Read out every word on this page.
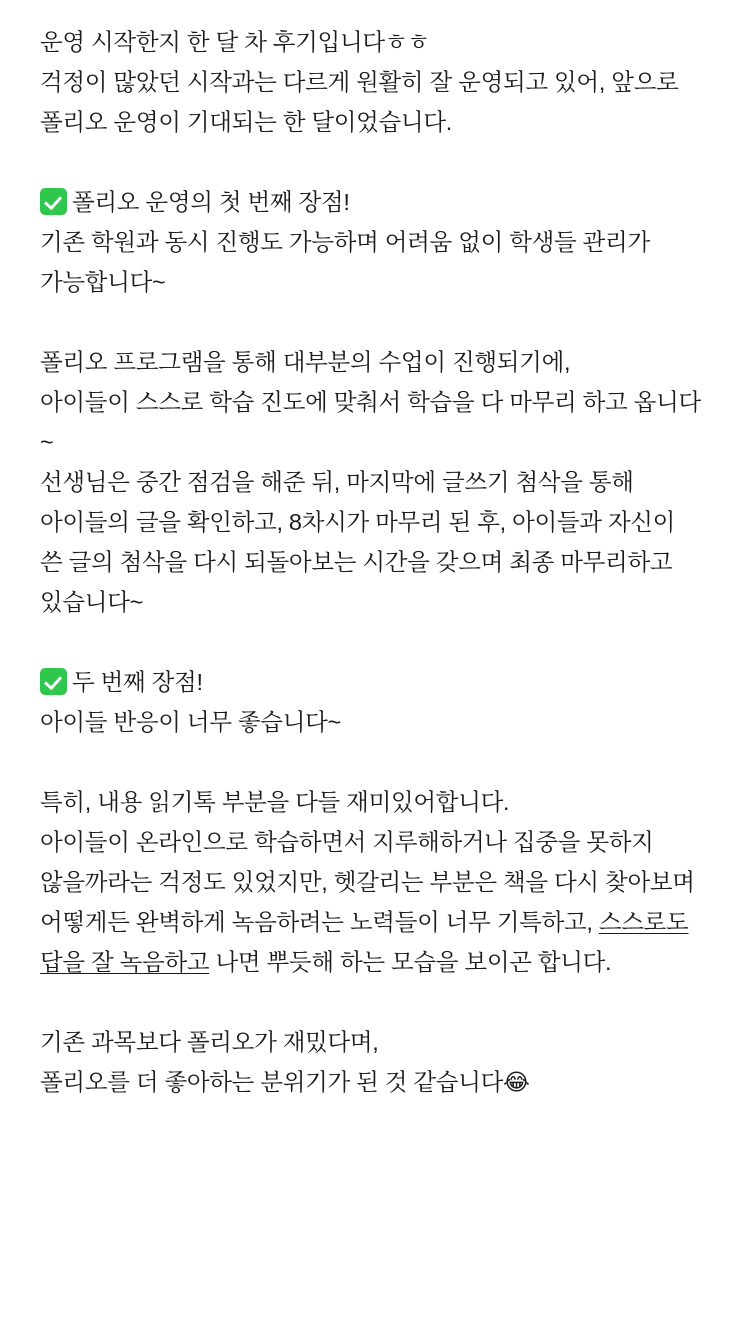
운영 시작한지 한 달 차 후기입니다ㅎㅎ

걱정이 많았던 시작과는 다르게 원활히 잘 운영되고 있어, 앞으로 폴리오 운영이 기대되는 한 달이었습니다.

폴리오 운영의 첫 번째 장점!

기존 학원과 동시 진행도 가능하며 어려움 없이 학생들 관리가 가능합니다~

폴리오 프로그램을 통해 대부분의 수업이 진행되기에,

아이들이 스스로 학습 진도에 맞춰서 학습을 다 마무리 하고 옵니다~

선생님은 중간 점검을 해준 뒤, 마지막에 글쓰기 첨삭을 통해 아이들의 글을 확인하고, 8차시가 마무리 된 후, 아이들과 자신이 쓴 글의 첨삭을 다시 되돌아보는 시간을 갖으며 최종 마무리하고 있습니다~

두 번째 장점!

아이들 반응이 너무 좋습니다~

특히, 내용 읽기톡 부분을 다들 재미있어합니다.

아이들이 온라인으로 학습하면서 지루해하거나 집중을 못하지 않을까라는 걱정도 있었지만, 헷갈리는 부분은 책을 다시 찾아보며 어떻게든 완벽하게 녹음하려는 노력들이 너무 기특하고, 스스로도 답을 잘 녹음하고 나면 뿌듯해 하는 모습을 보이곤 합니다.

기존 과목보다 폴리오가 재밌다며,

폴리오를 더 좋아하는 분위기가 된 것 같습니다😂
